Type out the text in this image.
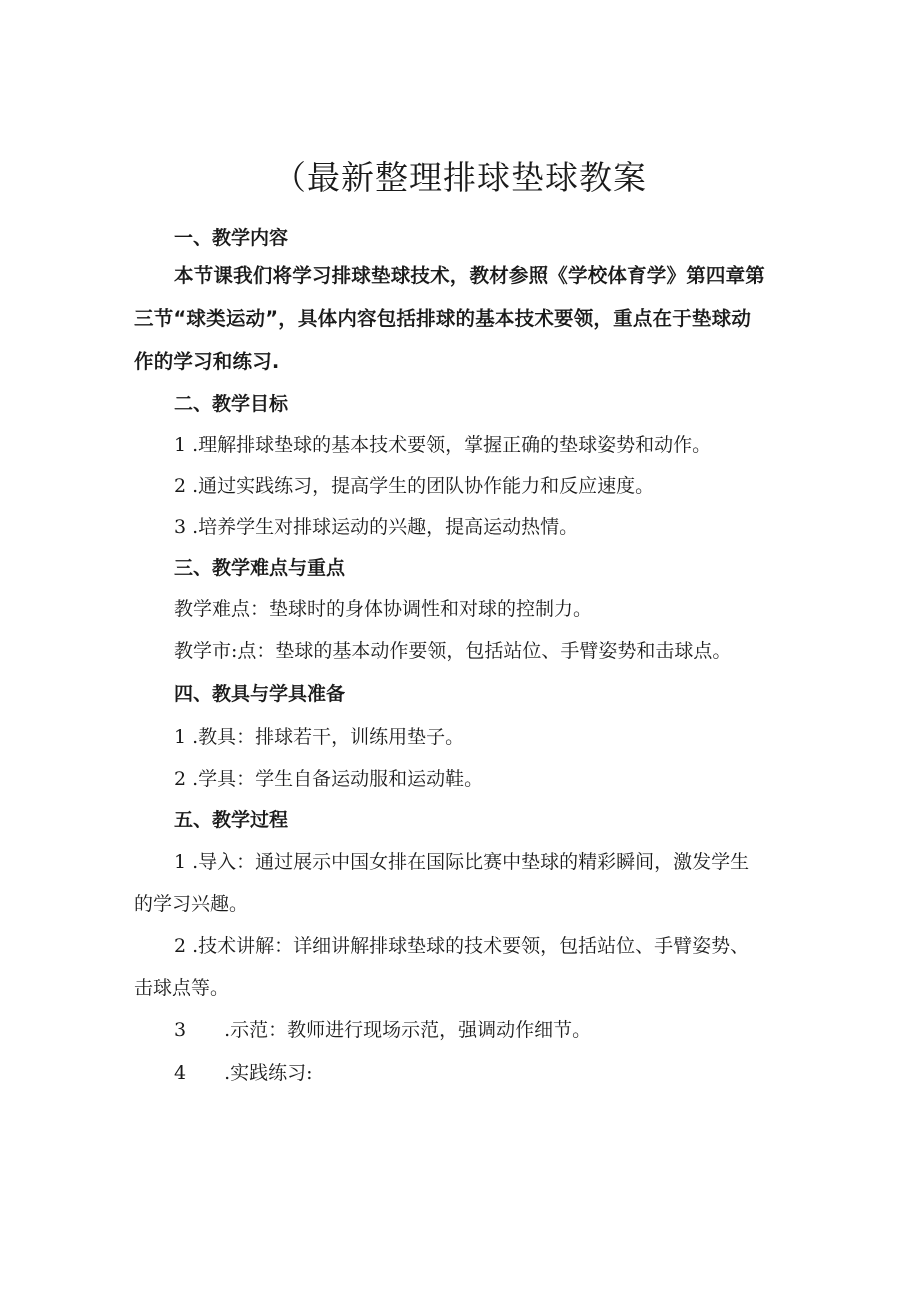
（最新整理排球垫球教案
一、教学内容
本节课我们将学习排球垫球技术，教材参照《学校体育学》第四章第
三节“球类运动”，具体内容包括排球的基本技术要领，重点在于垫球动
作的学习和练习.
二、教学目标
1 .理解排球垫球的基本技术要领，掌握正确的垫球姿势和动作。
2 .通过实践练习，提高学生的团队协作能力和反应速度。
3 .培养学生对排球运动的兴趣，提高运动热情。
三、教学难点与重点
教学难点：垫球时的身体协调性和对球的控制力。
教学市:点：垫球的基本动作要领，包括站位、手臂姿势和击球点。
四、教具与学具准备
1 .教具：排球若干，训练用垫子。
2 .学具：学生自备运动服和运动鞋。
五、教学过程
1 .导入：通过展示中国女排在国际比赛中垫球的精彩瞬间，激发学生
的学习兴趣。
2 .技术讲解：详细讲解排球垫球的技术要领，包括站位、手臂姿势、
击球点等。
3 .示范：教师进行现场示范，强调动作细节。
4 .实践练习:
